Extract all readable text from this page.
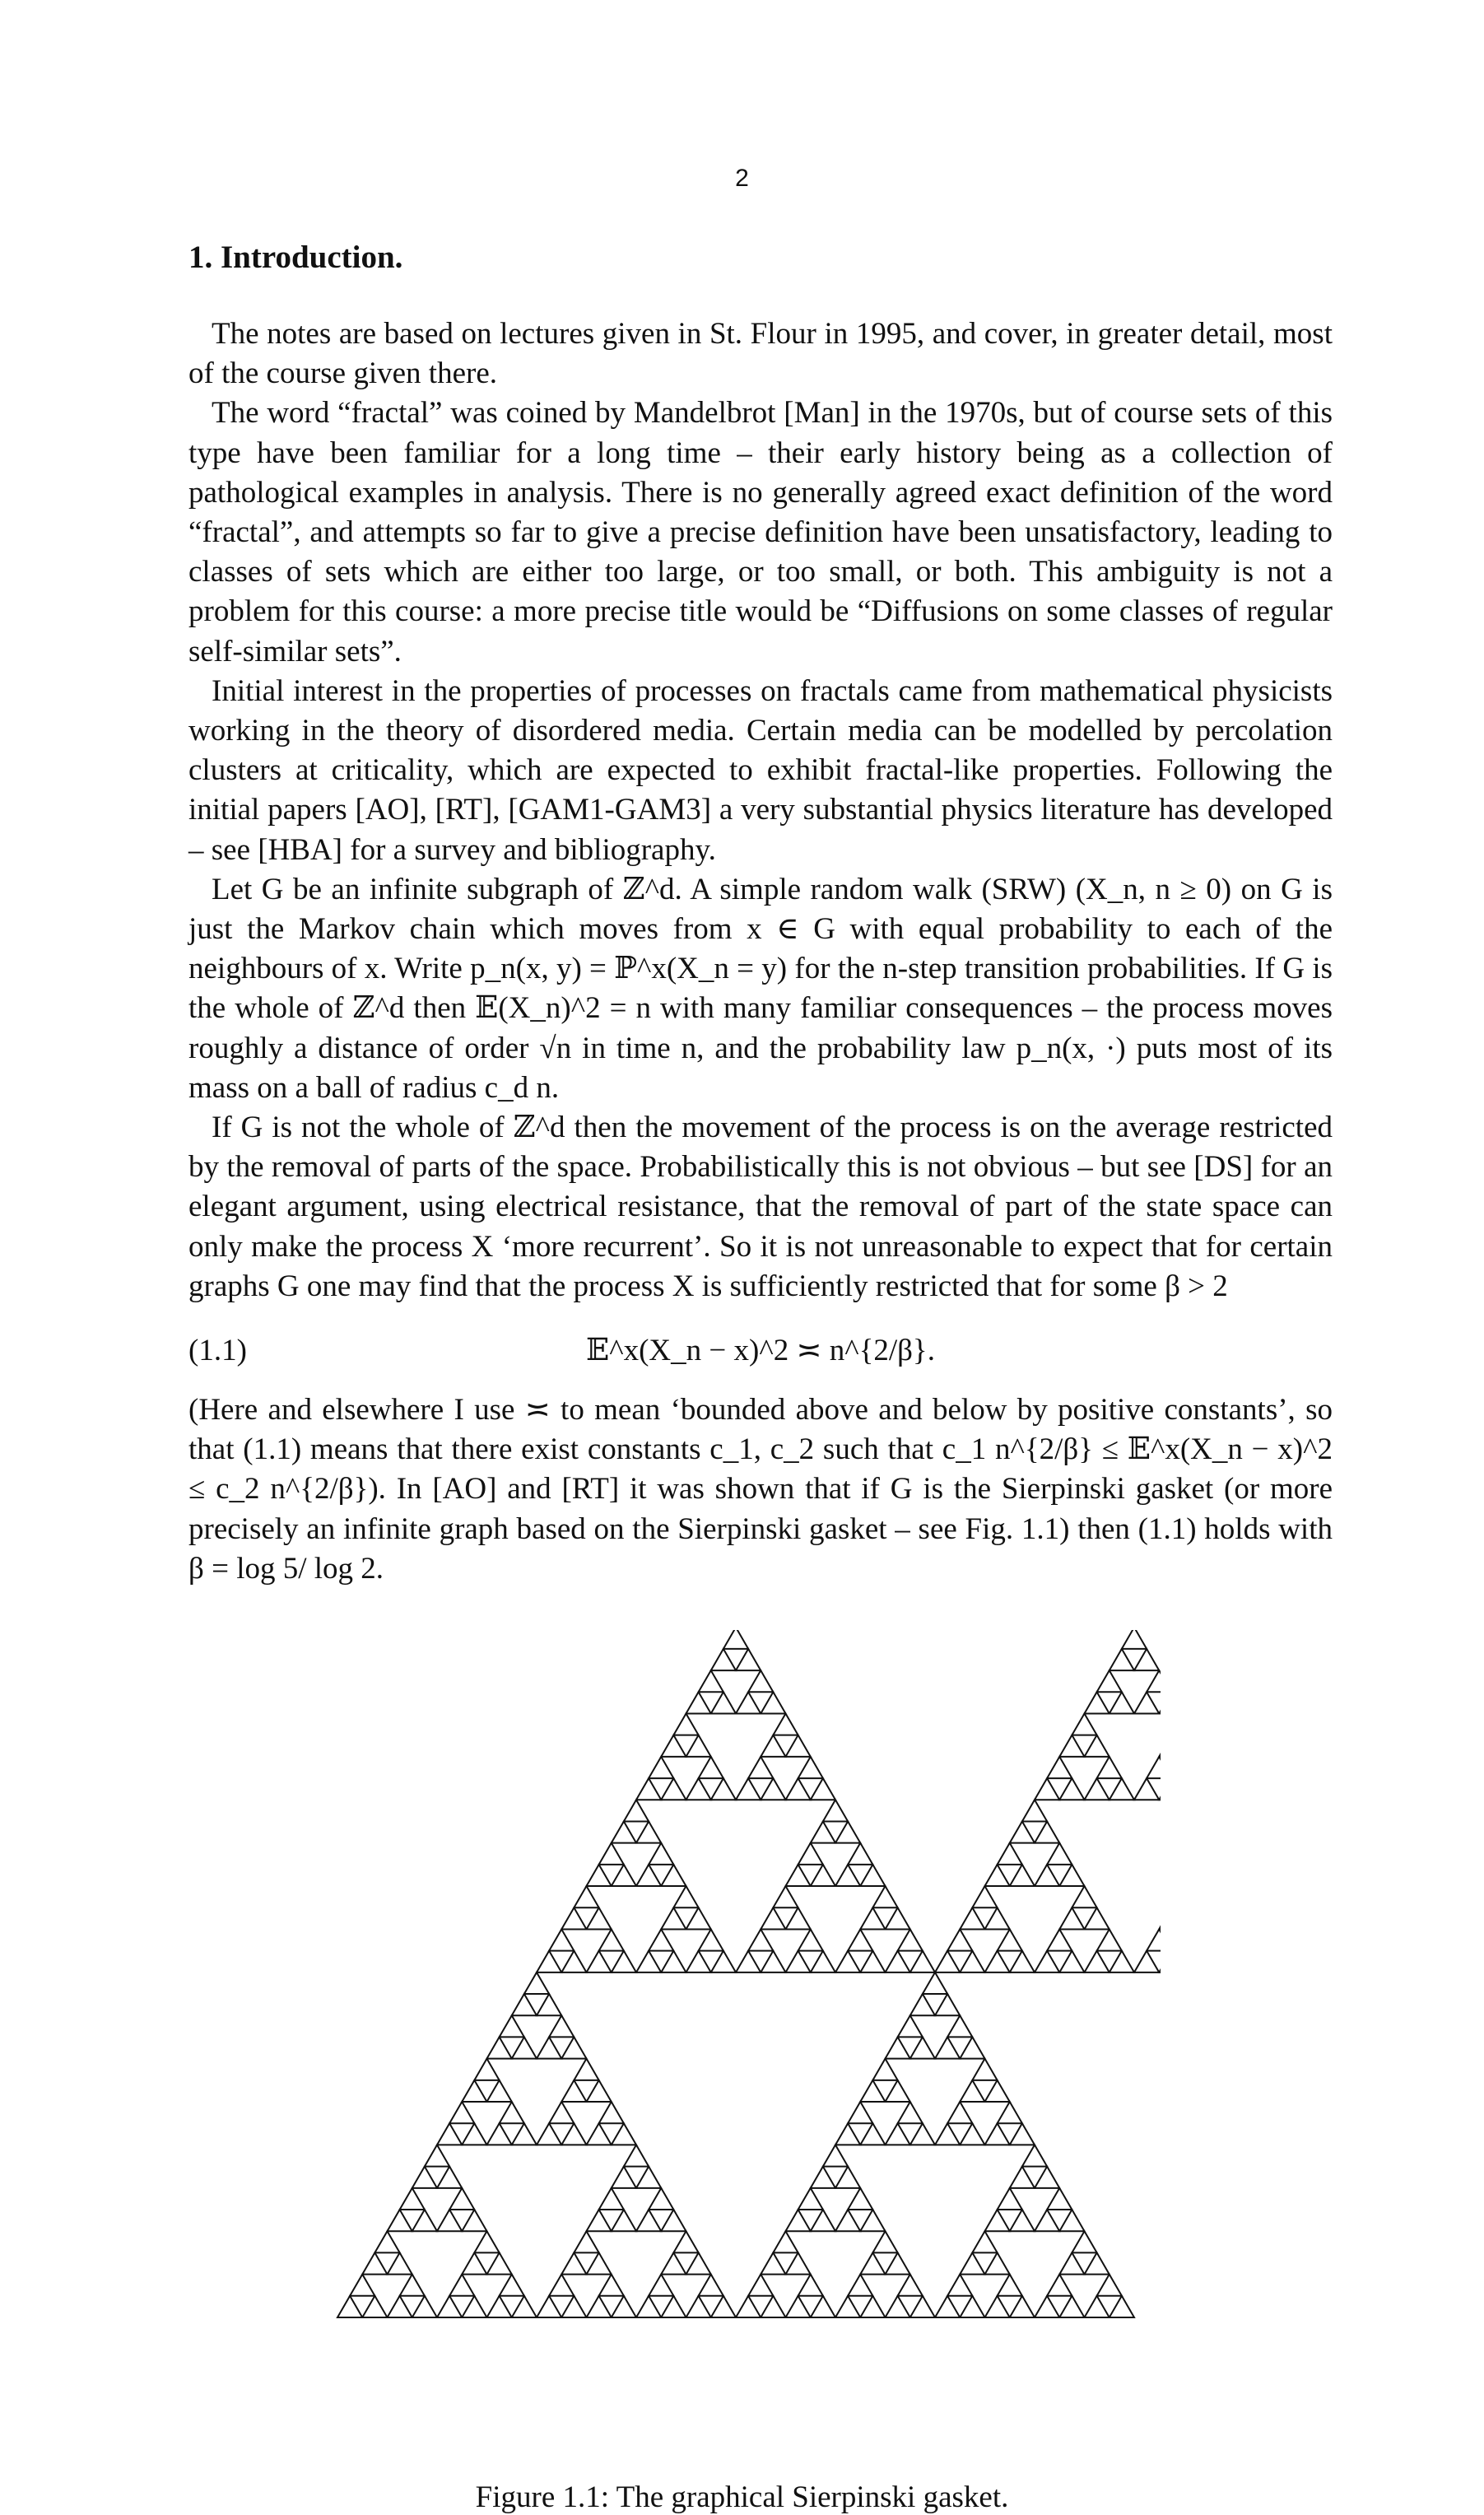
2
1. Introduction.

The notes are based on lectures given in St. Flour in 1995, and cover, in greater detail, most of the course given there.

The word “fractal” was coined by Mandelbrot [Man] in the 1970s, but of course sets of this type have been familiar for a long time – their early history being as a collection of pathological examples in analysis. There is no generally agreed exact definition of the word “fractal”, and attempts so far to give a precise definition have been unsatisfactory, leading to classes of sets which are either too large, or too small, or both. This ambiguity is not a problem for this course: a more precise title would be “Diffusions on some classes of regular self-similar sets”.

Initial interest in the properties of processes on fractals came from mathematical physicists working in the theory of disordered media. Certain media can be modelled by percolation clusters at criticality, which are expected to exhibit fractal-like properties. Following the initial papers [AO], [RT], [GAM1-GAM3] a very substantial physics literature has developed – see [HBA] for a survey and bibliography.

Let G be an infinite subgraph of ℤ^d. A simple random walk (SRW) (X_n, n ≥ 0) on G is just the Markov chain which moves from x ∈ G with equal probability to each of the neighbours of x. Write p_n(x, y) = ℙ^x(X_n = y) for the n-step transition probabilities. If G is the whole of ℤ^d then 𝔼(X_n)^2 = n with many familiar consequences – the process moves roughly a distance of order √n in time n, and the probability law p_n(x, ·) puts most of its mass on a ball of radius c_d n.

If G is not the whole of ℤ^d then the movement of the process is on the average restricted by the removal of parts of the space. Probabilistically this is not obvious – but see [DS] for an elegant argument, using electrical resistance, that the removal of part of the state space can only make the process X ‘more recurrent’. So it is not unreasonable to expect that for certain graphs G one may find that the process X is sufficiently restricted that for some β > 2

(1.1)	𝔼^x(X_n − x)^2 ≍ n^{2/β}.

(Here and elsewhere I use ≍ to mean ‘bounded above and below by positive constants’, so that (1.1) means that there exist constants c_1, c_2 such that c_1 n^{2/β} ≤ 𝔼^x(X_n − x)^2 ≤ c_2 n^{2/β}). In [AO] and [RT] it was shown that if G is the Sierpinski gasket (or more precisely an infinite graph based on the Sierpinski gasket – see Fig. 1.1) then (1.1) holds with β = log 5/ log 2.

Figure 1.1: The graphical Sierpinski gasket.
